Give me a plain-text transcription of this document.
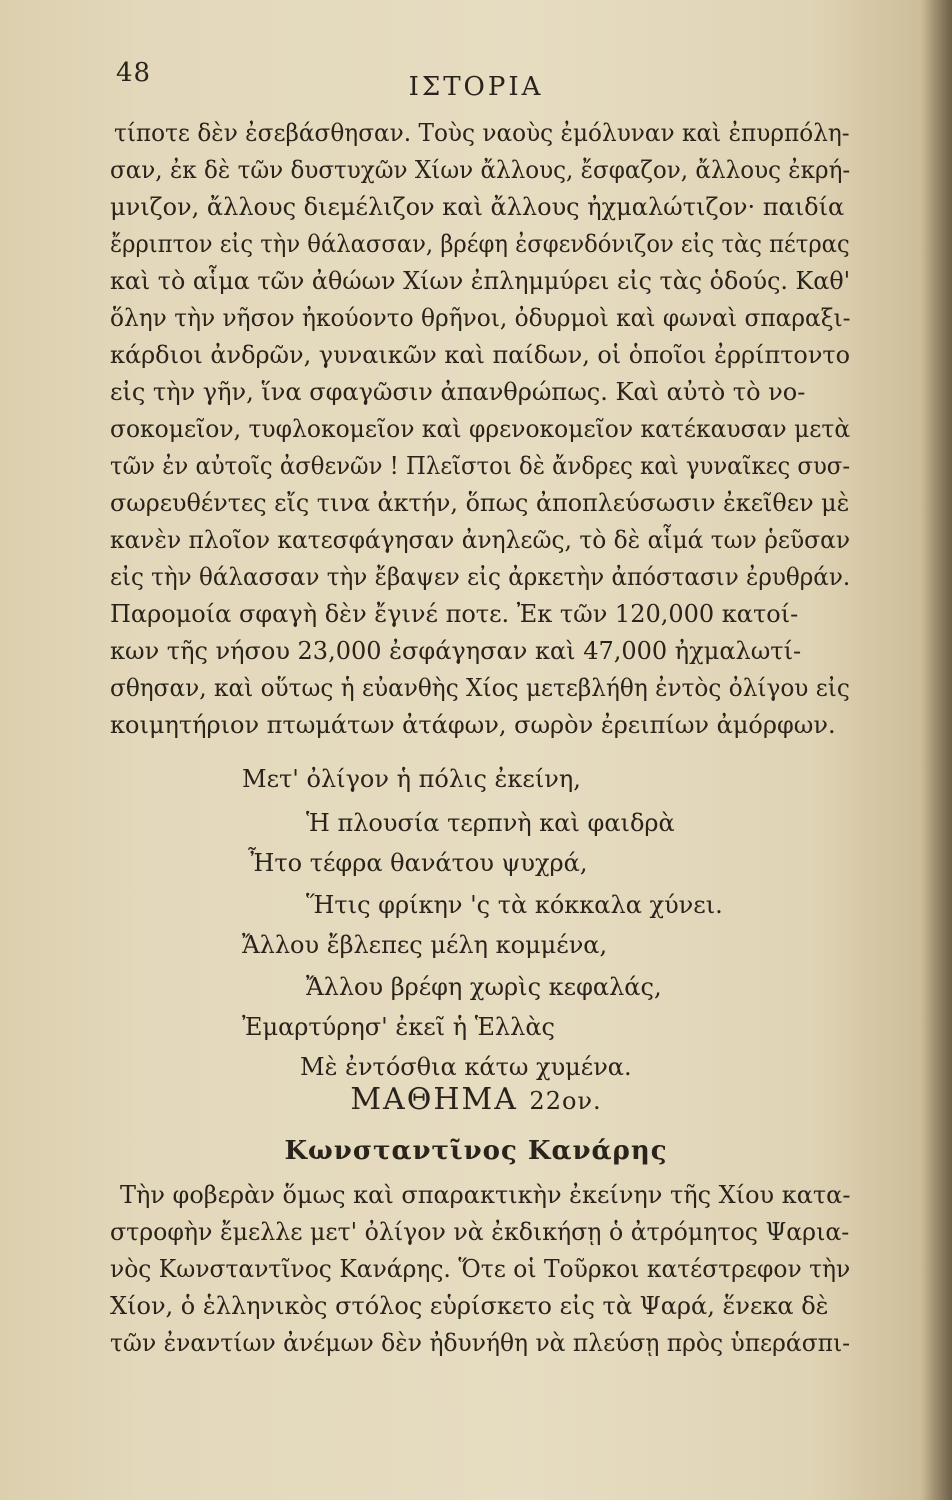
48	ΙΣΤΟΡΙΑ
τίποτε δὲν ἐσεβάσθησαν. Τοὺς ναοὺς ἐμόλυναν καὶ ἐπυρπόλη-
σαν, ἐκ δὲ τῶν δυστυχῶν Χίων ἄλλους, ἔσφαζον, ἄλλους ἐκρή-
μνιζον, ἄλλους διεμέλιζον καὶ ἄλλους ἠχμαλώτιζον· παιδία
ἔρριπτον εἰς τὴν θάλασσαν, βρέφη ἐσφενδόνιζον εἰς τὰς πέτρας
καὶ τὸ αἷμα τῶν ἀθώων Χίων ἐπλημμύρει εἰς τὰς ὁδούς. Καθ'
ὅλην τὴν νῆσον ἠκούοντο θρῆνοι, ὀδυρμοὶ καὶ φωναὶ σπαραξι-
κάρδιοι ἀνδρῶν, γυναικῶν καὶ παίδων, οἱ ὁποῖοι ἐρρίπτοντο
εἰς τὴν γῆν, ἵνα σφαγῶσιν ἀπανθρώπως. Καὶ αὐτὸ τὸ νο-
σοκομεῖον, τυφλοκομεῖον καὶ φρενοκομεῖον κατέκαυσαν μετὰ
τῶν ἐν αὐτοῖς ἀσθενῶν ! Πλεῖστοι δὲ ἄνδρες καὶ γυναῖκες συσ-
σωρευθέντες εἴς τινα ἀκτήν, ὅπως ἀποπλεύσωσιν ἐκεῖθεν μὲ
κανὲν πλοῖον κατεσφάγησαν ἀνηλεῶς, τὸ δὲ αἷμά των ῥεῦσαν
εἰς τὴν θάλασσαν τὴν ἔβαψεν εἰς ἀρκετὴν ἀπόστασιν ἐρυθράν.
Παρομοία σφαγὴ δὲν ἔγινέ ποτε. Ἐκ τῶν 120,000 κατοί-
κων τῆς νήσου 23,000 ἐσφάγησαν καὶ 47,000 ἠχμαλωτί-
σθησαν, καὶ οὕτως ἡ εὐανθὴς Χίος μετεβλήθη ἐντὸς ὀλίγου εἰς
κοιμητήριον πτωμάτων ἀτάφων, σωρὸν ἐρειπίων ἀμόρφων.
Μετ' ὀλίγον ἡ πόλις ἐκείνη,
Ἡ πλουσία τερπνὴ καὶ φαιδρὰ
Ἦτο τέφρα θανάτου ψυχρά,
Ἥτις φρίκην 'ς τὰ κόκκαλα χύνει.
Ἄλλου ἔβλεπες μέλη κομμένα,
Ἄλλου βρέφη χωρὶς κεφαλάς,
Ἐμαρτύρησ' ἐκεῖ ἡ Ἑλλὰς
Μὲ ἐντόσθια κάτω χυμένα.
ΜΑΘΗΜΑ 22ον.
Κωνσταντῖνος Κανάρης
Τὴν φοβερὰν ὅμως καὶ σπαρακτικὴν ἐκείνην τῆς Χίου κατα-
στροφὴν ἔμελλε μετ' ὀλίγον νὰ ἐκδικήσῃ ὁ ἀτρόμητος Ψαρια-
νὸς Κωνσταντῖνος Κανάρης. Ὅτε οἱ Τοῦρκοι κατέστρεφον τὴν
Χίον, ὁ ἑλληνικὸς στόλος εὑρίσκετο εἰς τὰ Ψαρά, ἕνεκα δὲ
τῶν ἐναντίων ἀνέμων δὲν ἠδυνήθη νὰ πλεύσῃ πρὸς ὑπεράσπι-
